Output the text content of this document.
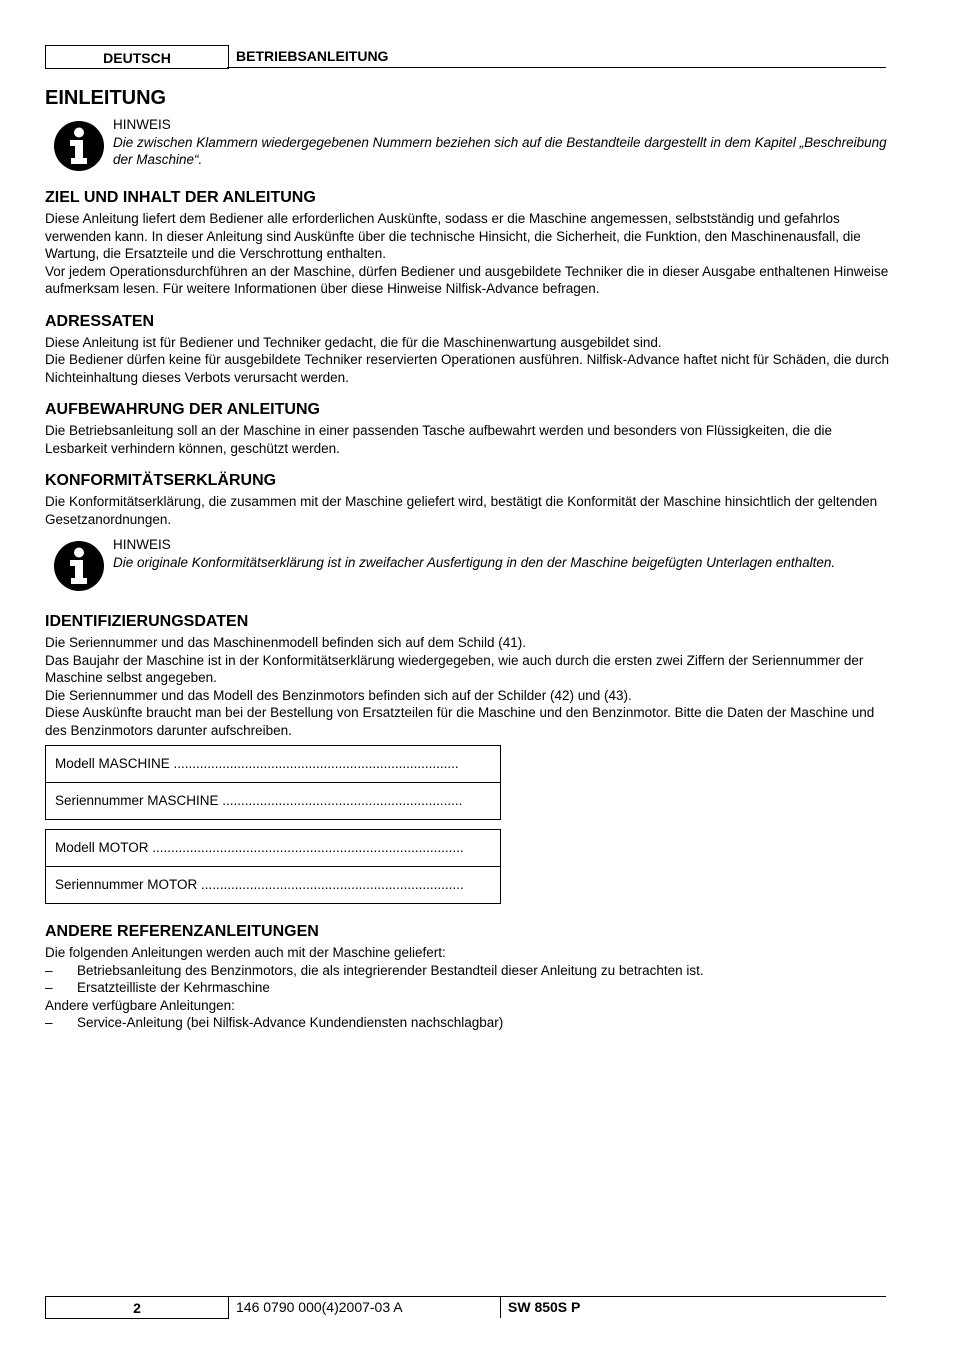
DEUTSCH	BETRIEBSANLEITUNG
EINLEITUNG
HINWEIS
Die zwischen Klammern wiedergegebenen Nummern beziehen sich auf die Bestandteile dargestellt in dem Kapitel „Beschreibung der Maschine“.
ZIEL UND INHALT DER ANLEITUNG

Diese Anleitung liefert dem Bediener alle erforderlichen Auskünfte, sodass er die Maschine angemessen, selbstständig und gefahrlos verwenden kann. In dieser Anleitung sind Auskünfte über die technische Hinsicht, die Sicherheit, die Funktion, den Maschinenausfall, die Wartung, die Ersatzteile und die Verschrottung enthalten.

Vor jedem Operationsdurchführen an der Maschine, dürfen Bediener und ausgebildete Techniker die in dieser Ausgabe enthaltenen Hinweise aufmerksam lesen. Für weitere Informationen über diese Hinweise Nilfisk-Advance befragen.

ADRESSATEN

Diese Anleitung ist für Bediener und Techniker gedacht, die für die Maschinenwartung ausgebildet sind.

Die Bediener dürfen keine für ausgebildete Techniker reservierten Operationen ausführen. Nilfisk-Advance haftet nicht für Schäden, die durch Nichteinhaltung dieses Verbots verursacht werden.

AUFBEWAHRUNG DER ANLEITUNG

Die Betriebsanleitung soll an der Maschine in einer passenden Tasche aufbewahrt werden und besonders von Flüssigkeiten, die die Lesbarkeit verhindern können, geschützt werden.

KONFORMITÄTSERKLÄRUNG

Die Konformitätserklärung, die zusammen mit der Maschine geliefert wird, bestätigt die Konformität der Maschine hinsichtlich der geltenden Gesetzanordnungen.

HINWEIS
Die originale Konformitätserklärung ist in zweifacher Ausfertigung in den der Maschine beigefügten Unterlagen enthalten.
IDENTIFIZIERUNGSDATEN

Die Seriennummer und das Maschinenmodell befinden sich auf dem Schild (41).

Das Baujahr der Maschine ist in der Konformitätserklärung wiedergegeben, wie auch durch die ersten zwei Ziffern der Seriennummer der Maschine selbst angegeben.

Die Seriennummer und das Modell des Benzinmotors befinden sich auf der Schilder (42) und (43).

Diese Auskünfte braucht man bei der Bestellung von Ersatzteilen für die Maschine und den Benzinmotor. Bitte die Daten der Maschine und des Benzinmotors darunter aufschreiben.

Modell MASCHINE ............................................................................
Seriennummer MASCHINE ................................................................
Modell MOTOR ...................................................................................
Seriennummer MOTOR ......................................................................
ANDERE REFERENZANLEITUNGEN

Die folgenden Anleitungen werden auch mit der Maschine geliefert:

–	Betriebsanleitung des Benzinmotors, die als integrierender Bestandteil dieser Anleitung zu betrachten ist.
–	Ersatzteilliste der Kehrmaschine

Andere verfügbare Anleitungen:

–	Service-Anleitung (bei Nilfisk-Advance Kundendiensten nachschlagbar)
2	146 0790 000(4)2007-03 A	SW 850S P
